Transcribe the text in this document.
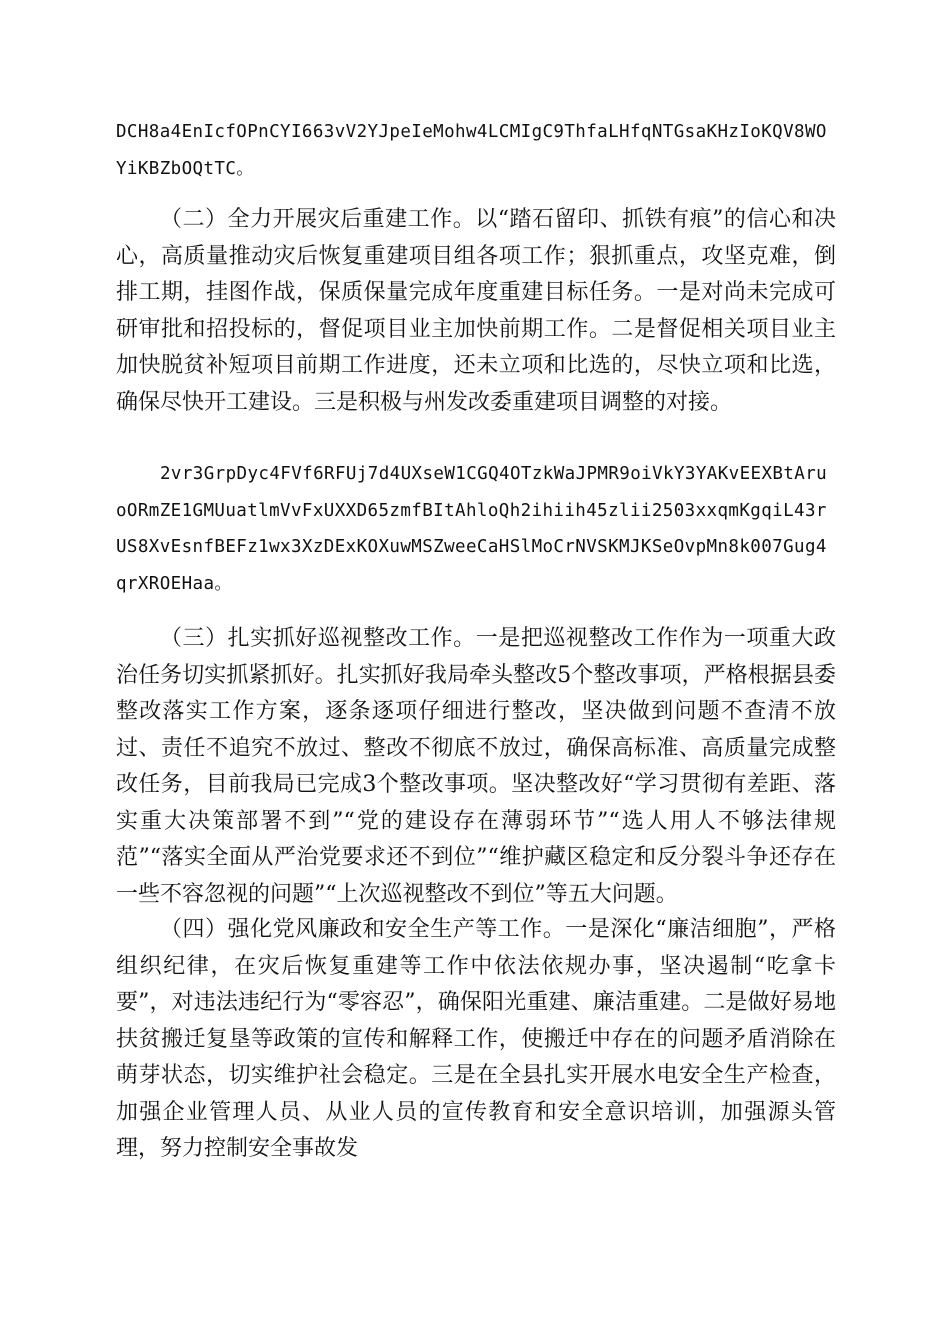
DCH8a4EnIcfOPnCYI663vV2YJpeIeMohw4LCMIgC9ThfaLHfqNTGsaKHzIoKQV8WOYiKBZbOQtTC。

（二）全力开展灾后重建工作。以“踏石留印、抓铁有痕”的信心和决心，高质量推动灾后恢复重建项目组各项工作；狠抓重点，攻坚克难，倒排工期，挂图作战，保质保量完成年度重建目标任务。一是对尚未完成可研审批和招投标的，督促项目业主加快前期工作。二是督促相关项目业主加快脱贫补短项目前期工作进度，还未立项和比选的，尽快立项和比选，确保尽快开工建设。三是积极与州发改委重建项目调整的对接。

2vr3GrpDyc4FVf6RFUj7d4UXseW1CGQ4OTzkWaJPMR9oiVkY3YAKvEEXBtAruoORmZE1GMUuatlmVvFxUXXD65zmfBItAhloQh2ihiih45zlii2503xxqmKgqiL43rUS8XvEsnfBEFz1wx3XzDExKOXuwMSZweeCaHSlMoCrNVSKMJKSeOvpMn8k007Gug4qrXROEHaa。

（三）扎实抓好巡视整改工作。一是把巡视整改工作作为一项重大政治任务切实抓紧抓好。扎实抓好我局牵头整改5个整改事项，严格根据县委整改落实工作方案，逐条逐项仔细进行整改，坚决做到问题不查清不放过、责任不追究不放过、整改不彻底不放过，确保高标准、高质量完成整改任务，目前我局已完成3个整改事项。坚决整改好“学习贯彻有差距、落实重大决策部署不到”“党的建设存在薄弱环节”“选人用人不够法律规范”“落实全面从严治党要求还不到位”“维护藏区稳定和反分裂斗争还存在一些不容忽视的问题”“上次巡视整改不到位”等五大问题。

（四）强化党风廉政和安全生产等工作。一是深化“廉洁细胞”，严格组织纪律，在灾后恢复重建等工作中依法依规办事，坚决遏制“吃拿卡要”，对违法违纪行为“零容忍”，确保阳光重建、廉洁重建。二是做好易地扶贫搬迁复垦等政策的宣传和解释工作，使搬迁中存在的问题矛盾消除在萌芽状态，切实维护社会稳定。三是在全县扎实开展水电安全生产检查，加强企业管理人员、从业人员的宣传教育和安全意识培训，加强源头管理，努力控制安全事故发
